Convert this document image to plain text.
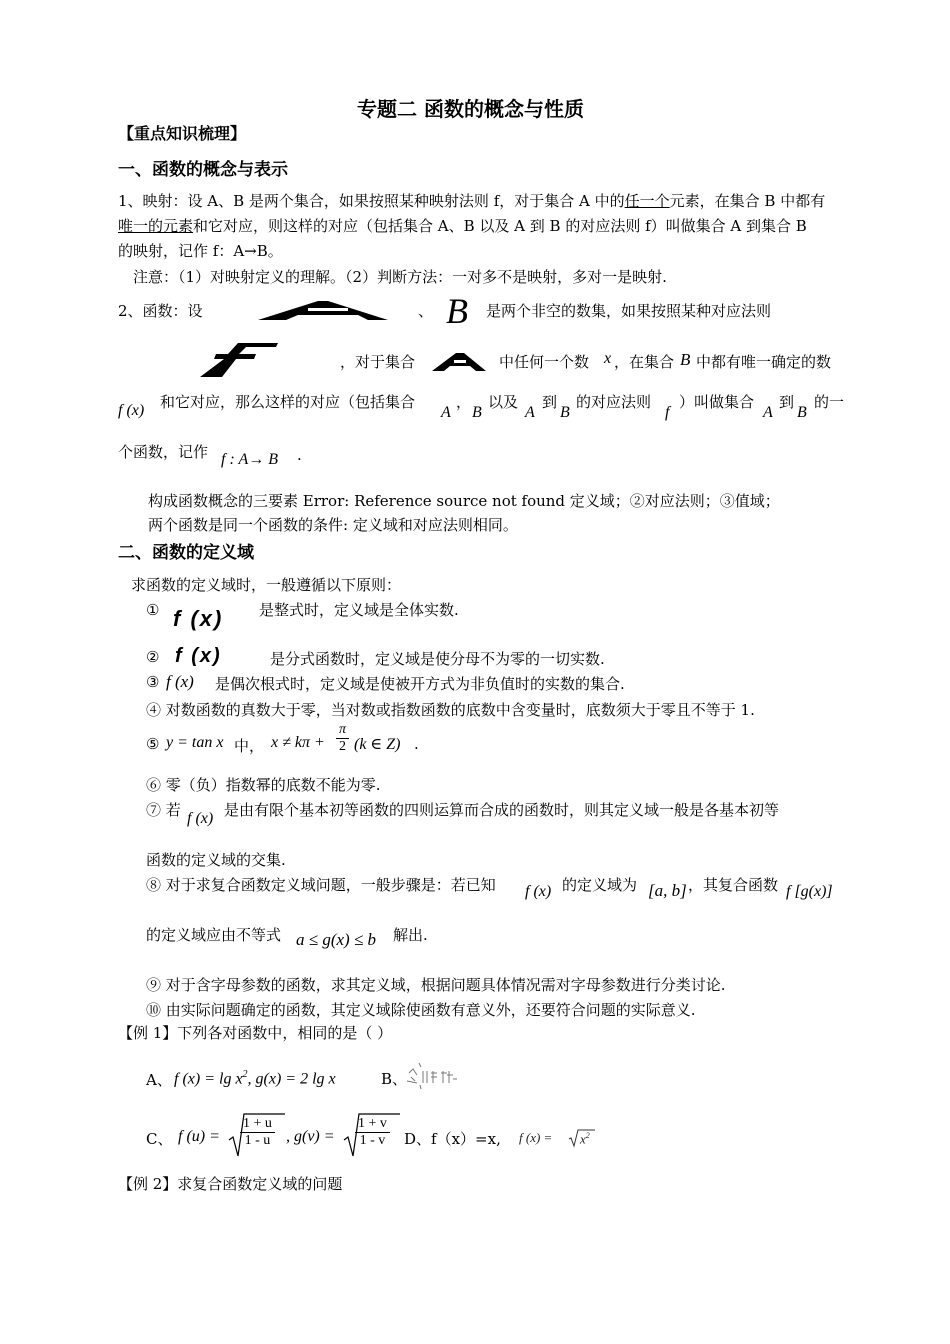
专题二 函数的概念与性质
【重点知识梳理】
一、函数的概念与表示
1、映射：设 A、B 是两个集合，如果按照某种映射法则 f，对于集合 A 中的任一个元素，在集合 B 中都有
唯一的元素和它对应，则这样的对应（包括集合 A、B 以及 A 到 B 的对应法则 f）叫做集合 A 到集合 B
的映射，记作 f：A→B。
注意：（1）对映射定义的理解。（2）判断方法：一对多不是映射，多对一是映射.
2、函数：设	、 B 是两个非空的数集，如果按照某种对应法则
，对于集合	中任何一个数 x ，在集合 B 中都有唯一确定的数
f (x) 和它对应，那么这样的对应（包括集合
A
，
B
以及
A
到
B
的对应法则
f
）叫做集合
A
到
B
的一
个函数，记作 f : A→ B .
构成函数概念的三要素 Error: Reference source not found 定义域；②对应法则；③值域；
两个函数是同一个函数的条件: 定义域和对应法则相同。
二、函数的定义域
求函数的定义域时，一般遵循以下原则：
① f (x) 是整式时，定义域是全体实数.
② f (x)	是分式函数时，定义域是使分母不为零的一切实数.
③ f (x) 是偶次根式时，定义域是使被开方式为非负值时的实数的集合.
④ 对数函数的真数大于零，当对数或指数函数的底数中含变量时，底数须大于零且不等于 1.
⑤ y = tan x 中， $x \ne k\pi + \frac{\pi}{2} (k$ ∈ Z) .
⑥ 零（负）指数幂的底数不能为零.
⑦ 若 f (x) 是由有限个基本初等函数的四则运算而合成的函数时，则其定义域一般是各基本初等
函数的定义域的交集.
⑧ 对于求复合函数定义域问题，一般步骤是：若已知 f (x) 的定义域为 [a, b] ，其复合函数 f [g(x)]
的定义域应由不等式 a ≤ g(x) ≤ b 解出.
⑨ 对于含字母参数的函数，求其定义域，根据问题具体情况需对字母参数进行分类讨论.
⑩ 由实际问题确定的函数，其定义域除使函数有意义外，还要符合问题的实际意义.
【例 1】下列各对函数中，相同的是（ ）
A、 f $(x) = \lg x^2$, g(x) = 2 lg x	B、
C、 f $(u) = \frac{1 + u}{1 - u}$ , $g(v) = \frac{1 + v}{1 - v}$ D、f（x）=x, f $(x) = x^2$
【例 2】求复合函数定义域的问题
